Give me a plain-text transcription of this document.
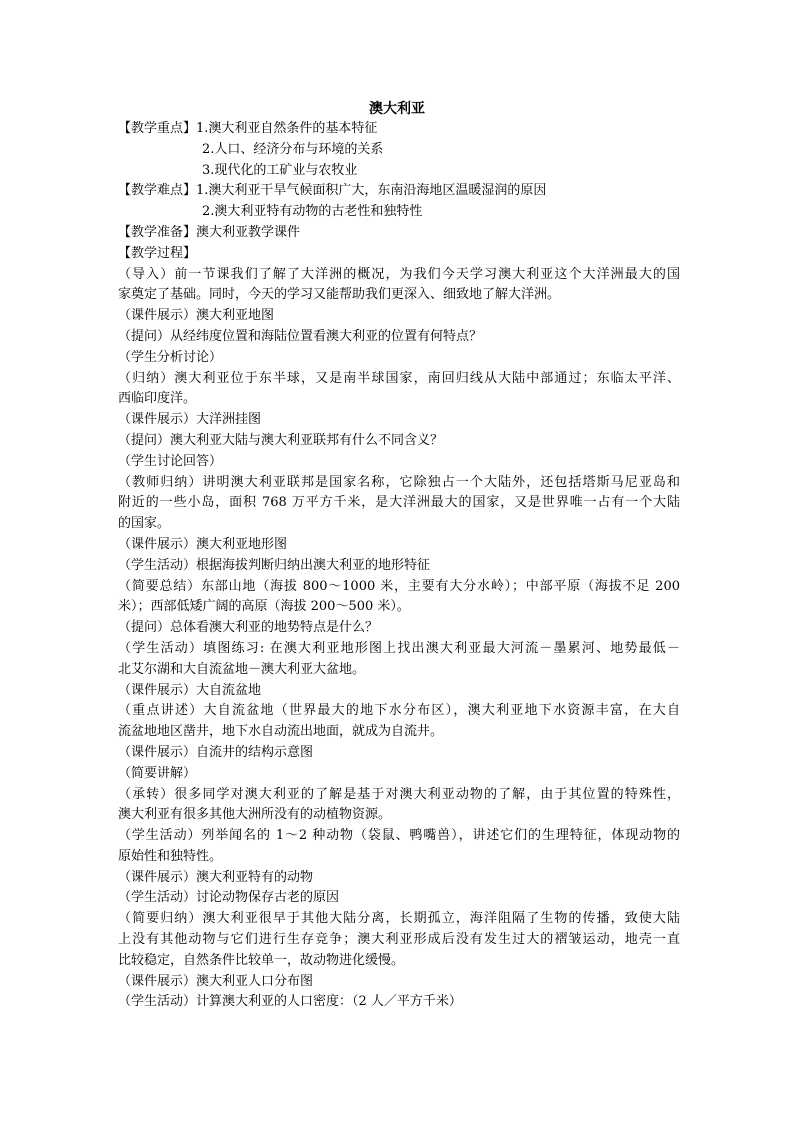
澳大利亚
【教学重点】1.澳大利亚自然条件的基本特征
2.人口、经济分布与环境的关系
3.现代化的工矿业与农牧业
【教学难点】1.澳大利亚干旱气候面积广大，东南沿海地区温暖湿润的原因
2.澳大利亚特有动物的古老性和独特性
【教学准备】澳大利亚教学课件
【教学过程】
（导入）前一节课我们了解了大洋洲的概况，为我们今天学习澳大利亚这个大洋洲最大的国
家奠定了基础。同时，今天的学习又能帮助我们更深入、细致地了解大洋洲。
（课件展示）澳大利亚地图
（提问）从经纬度位置和海陆位置看澳大利亚的位置有何特点？
（学生分析讨论）
（归纳）澳大利亚位于东半球，又是南半球国家，南回归线从大陆中部通过；东临太平洋、
西临印度洋。
（课件展示）大洋洲挂图
（提问）澳大利亚大陆与澳大利亚联邦有什么不同含义？
（学生讨论回答）
（教师归纳）讲明澳大利亚联邦是国家名称，它除独占一个大陆外，还包括塔斯马尼亚岛和
附近的一些小岛，面积 768 万平方千米，是大洋洲最大的国家，又是世界唯一占有一个大陆
的国家。
（课件展示）澳大利亚地形图
（学生活动）根据海拔判断归纳出澳大利亚的地形特征
（简要总结）东部山地（海拔 800～1000 米，主要有大分水岭）；中部平原（海拔不足 200
米）；西部低矮广阔的高原（海拔 200～500 米）。
（提问）总体看澳大利亚的地势特点是什么？
（学生活动）填图练习: 在澳大利亚地形图上找出澳大利亚最大河流－墨累河、地势最低－
北艾尔湖和大自流盆地－澳大利亚大盆地。
（课件展示）大自流盆地
（重点讲述）大自流盆地（世界最大的地下水分布区），澳大利亚地下水资源丰富，在大自
流盆地地区凿井，地下水自动流出地面，就成为自流井。
（课件展示）自流井的结构示意图
（简要讲解）
（承转）很多同学对澳大利亚的了解是基于对澳大利亚动物的了解，由于其位置的特殊性，
澳大利亚有很多其他大洲所没有的动植物资源。
（学生活动）列举闻名的 1～2 种动物（袋鼠、鸭嘴兽），讲述它们的生理特征，体现动物的
原始性和独特性。
（课件展示）澳大利亚特有的动物
（学生活动）讨论动物保存古老的原因
（简要归纳）澳大利亚很早于其他大陆分离，长期孤立，海洋阻隔了生物的传播，致使大陆
上没有其他动物与它们进行生存竞争；澳大利亚形成后没有发生过大的褶皱运动，地壳一直
比较稳定，自然条件比较单一，故动物进化缓慢。
（课件展示）澳大利亚人口分布图
（学生活动）计算澳大利亚的人口密度：（2 人／平方千米）
